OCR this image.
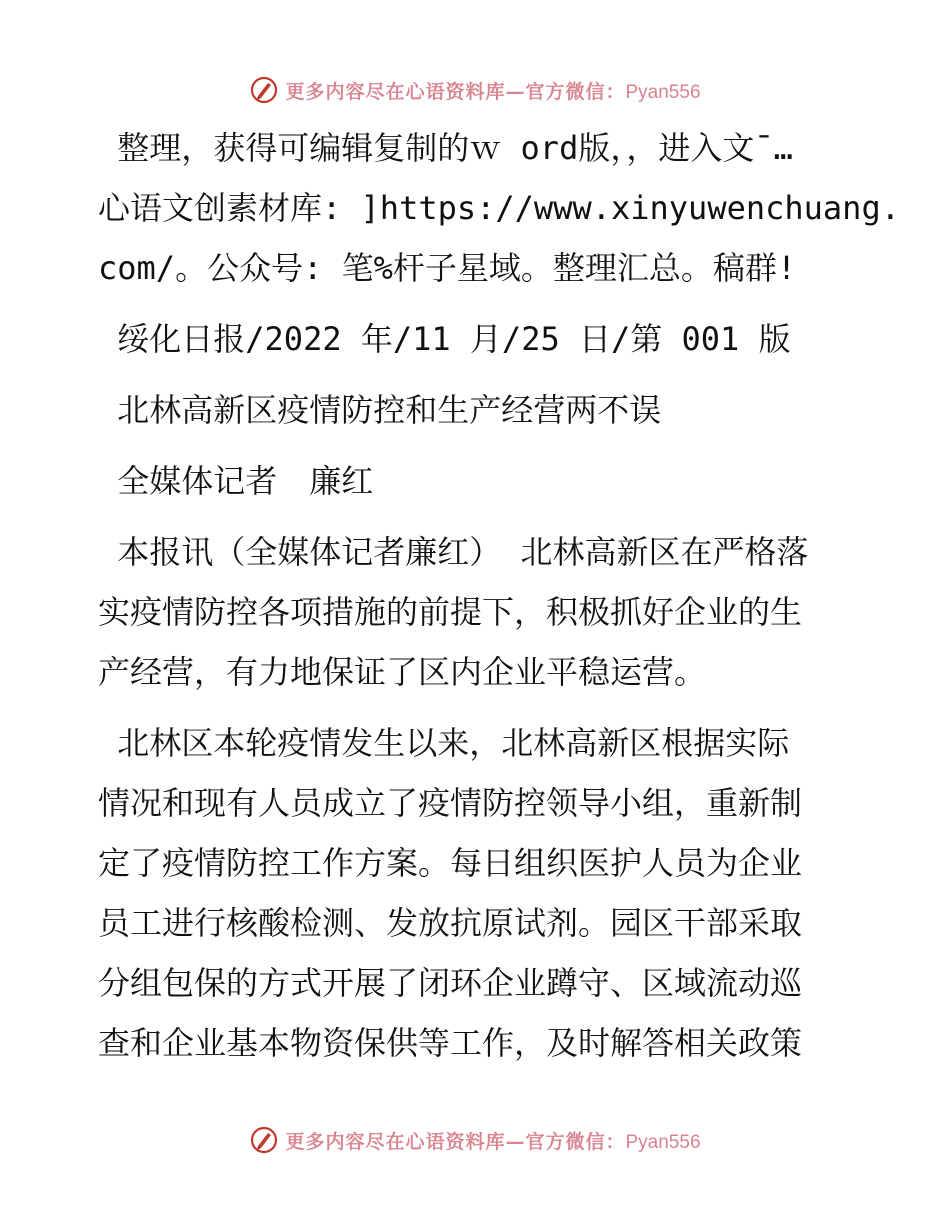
更多内容尽在心语资料库—官方微信：Pyan556

整理，获得可编辑复制的ｗ ord版，，进入文¯…
心语文创素材库: ]https://www.xinyuwenchuang.
com/。公众号: 笔%杆子星域。整理汇总。稿群!

绥化日报/2022 年/11 月/25 日/第 001 版

北林高新区疫情防控和生产经营两不误

全媒体记者　廉红

本报讯（全媒体记者廉红） 北林高新区在严格落
实疫情防控各项措施的前提下，积极抓好企业的生
产经营，有力地保证了区内企业平稳运营。

北林区本轮疫情发生以来，北林高新区根据实际
情况和现有人员成立了疫情防控领导小组，重新制
定了疫情防控工作方案。每日组织医护人员为企业
员工进行核酸检测、发放抗原试剂。园区干部采取
分组包保的方式开展了闭环企业蹲守、区域流动巡
查和企业基本物资保供等工作，及时解答相关政策

更多内容尽在心语资料库—官方微信：Pyan556
